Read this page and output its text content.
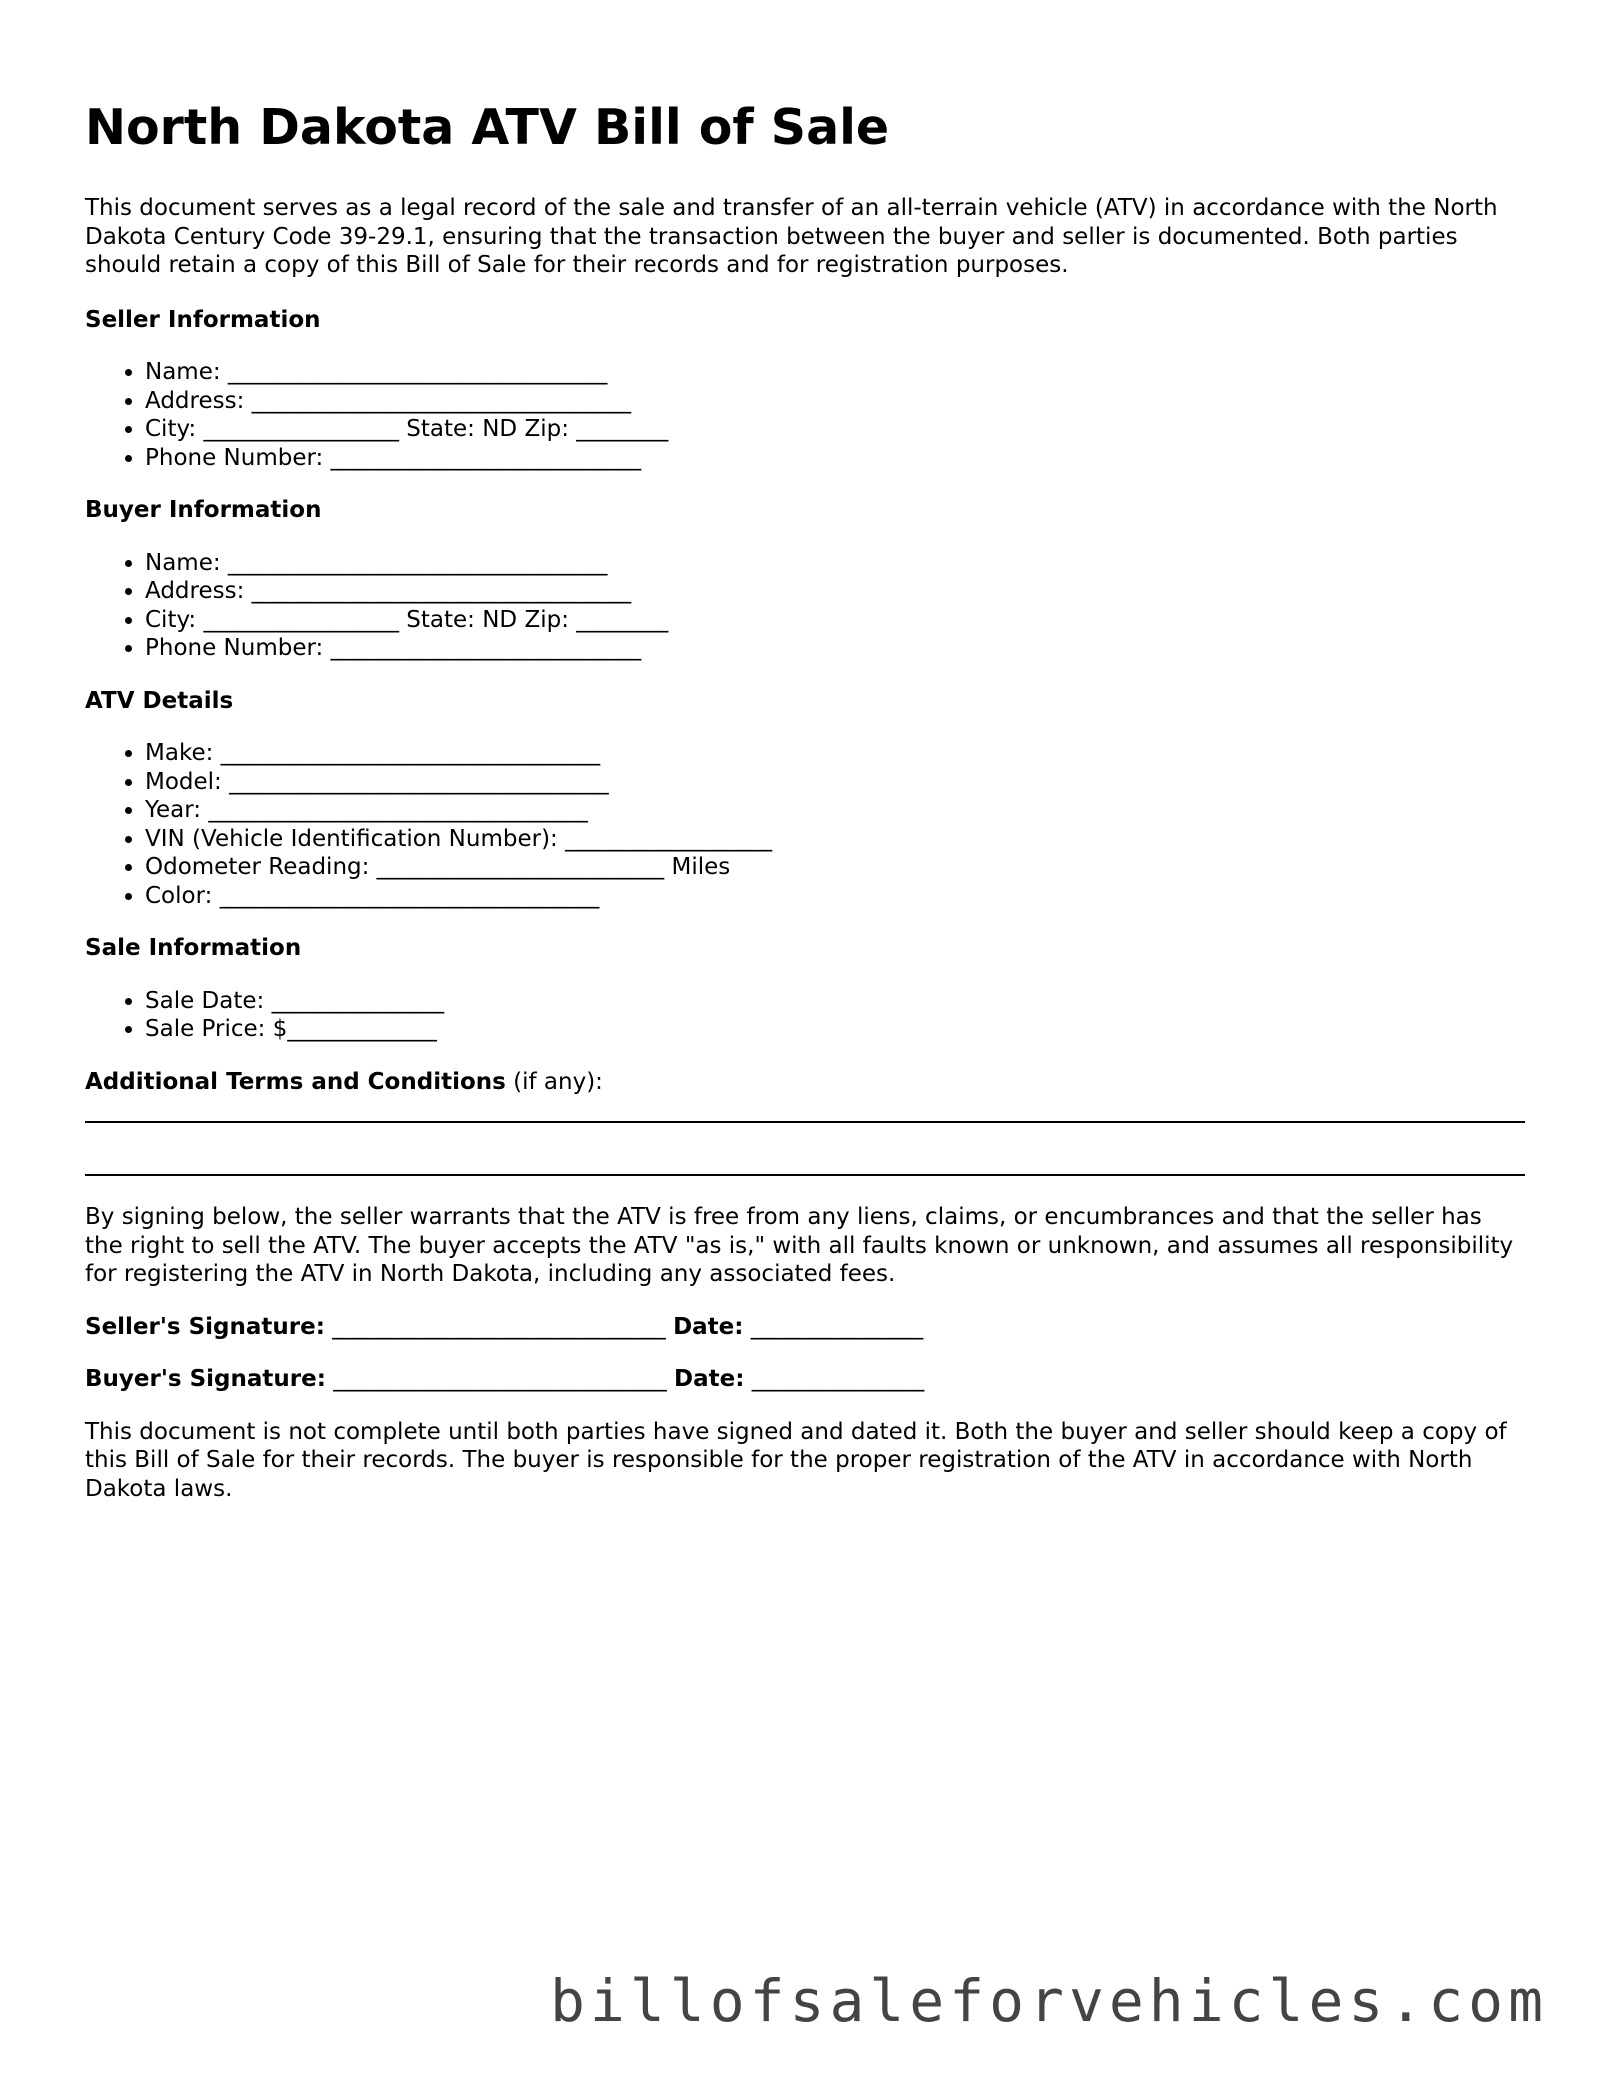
North Dakota ATV Bill of Sale

This document serves as a legal record of the sale and transfer of an all-terrain vehicle (ATV) in accordance with the North Dakota Century Code 39-29.1, ensuring that the transaction between the buyer and seller is documented. Both parties should retain a copy of this Bill of Sale for their records and for registration purposes.

Seller Information
• Name: _________________________________
• Address: _________________________________
• City: _________________ State: ND Zip: ________
• Phone Number: ___________________________
Buyer Information
• Name: _________________________________
• Address: _________________________________
• City: _________________ State: ND Zip: ________
• Phone Number: ___________________________
ATV Details
• Make: _________________________________
• Model: _________________________________
• Year: _________________________________
• VIN (Vehicle Identification Number): __________________
• Odometer Reading: _________________________ Miles
• Color: _________________________________
Sale Information
• Sale Date: _______________
• Sale Price: $_____________

Additional Terms and Conditions (if any):

By signing below, the seller warrants that the ATV is free from any liens, claims, or encumbrances and that the seller has the right to sell the ATV. The buyer accepts the ATV "as is," with all faults known or unknown, and assumes all responsibility for registering the ATV in North Dakota, including any associated fees.

Seller's Signature: _____________________________ Date: _______________

Buyer's Signature: _____________________________ Date: _______________

This document is not complete until both parties have signed and dated it. Both the buyer and seller should keep a copy of this Bill of Sale for their records. The buyer is responsible for the proper registration of the ATV in accordance with North Dakota laws.

billofsaleforvehicles.com
